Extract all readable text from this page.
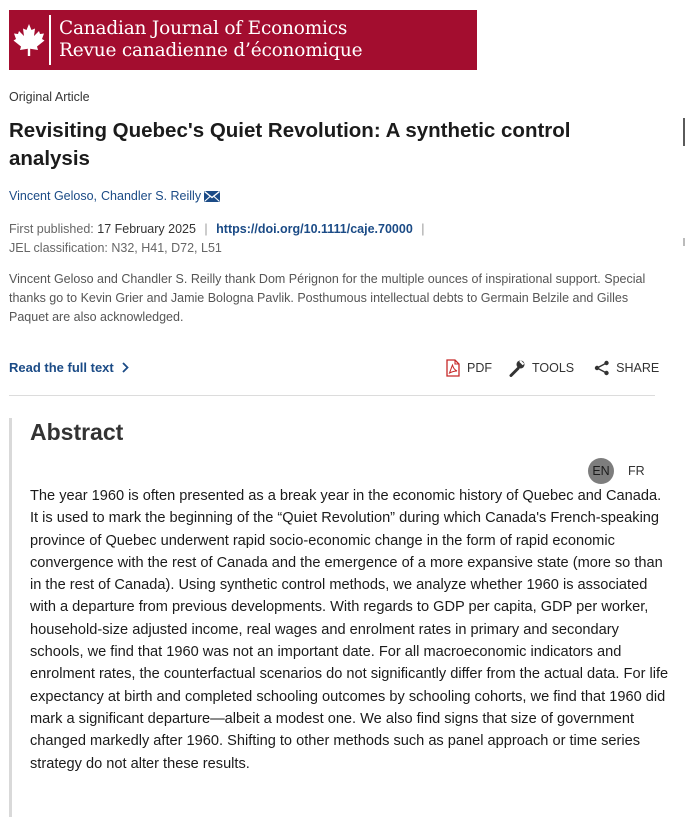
Canadian Journal of Economics
Revue canadienne d’économique
Original Article
Revisiting Quebec's Quiet Revolution: A synthetic control analysis
Vincent Geloso , Chandler S. Reilly
First published: 17 February 2025 | https://doi.org/10.1111/caje.70000 |
JEL classification: N32, H41, D72, L51

Vincent Geloso and Chandler S. Reilly thank Dom Pérignon for the multiple ounces of inspirational support. Special thanks go to Kevin Grier and Jamie Bologna Pavlik. Posthumous intellectual debts to Germain Belzile and Gilles Paquet are also acknowledged.

Read the full text	PDF	TOOLS	SHARE
Abstract
EN	FR

The year 1960 is often presented as a break year in the economic history of Quebec and Canada. It is used to mark the beginning of the “Quiet Revolution” during which Canada's French-speaking province of Quebec underwent rapid socio-economic change in the form of rapid economic convergence with the rest of Canada and the emergence of a more expansive state (more so than in the rest of Canada). Using synthetic control methods, we analyze whether 1960 is associated with a departure from previous developments. With regards to GDP per capita, GDP per worker, household-size adjusted income, real wages and enrolment rates in primary and secondary schools, we find that 1960 was not an important date. For all macroeconomic indicators and enrolment rates, the counterfactual scenarios do not significantly differ from the actual data. For life expectancy at birth and completed schooling outcomes by schooling cohorts, we find that 1960 did mark a significant departure—albeit a modest one. We also find signs that size of government changed markedly after 1960. Shifting to other methods such as panel approach or time series strategy do not alter these results.
